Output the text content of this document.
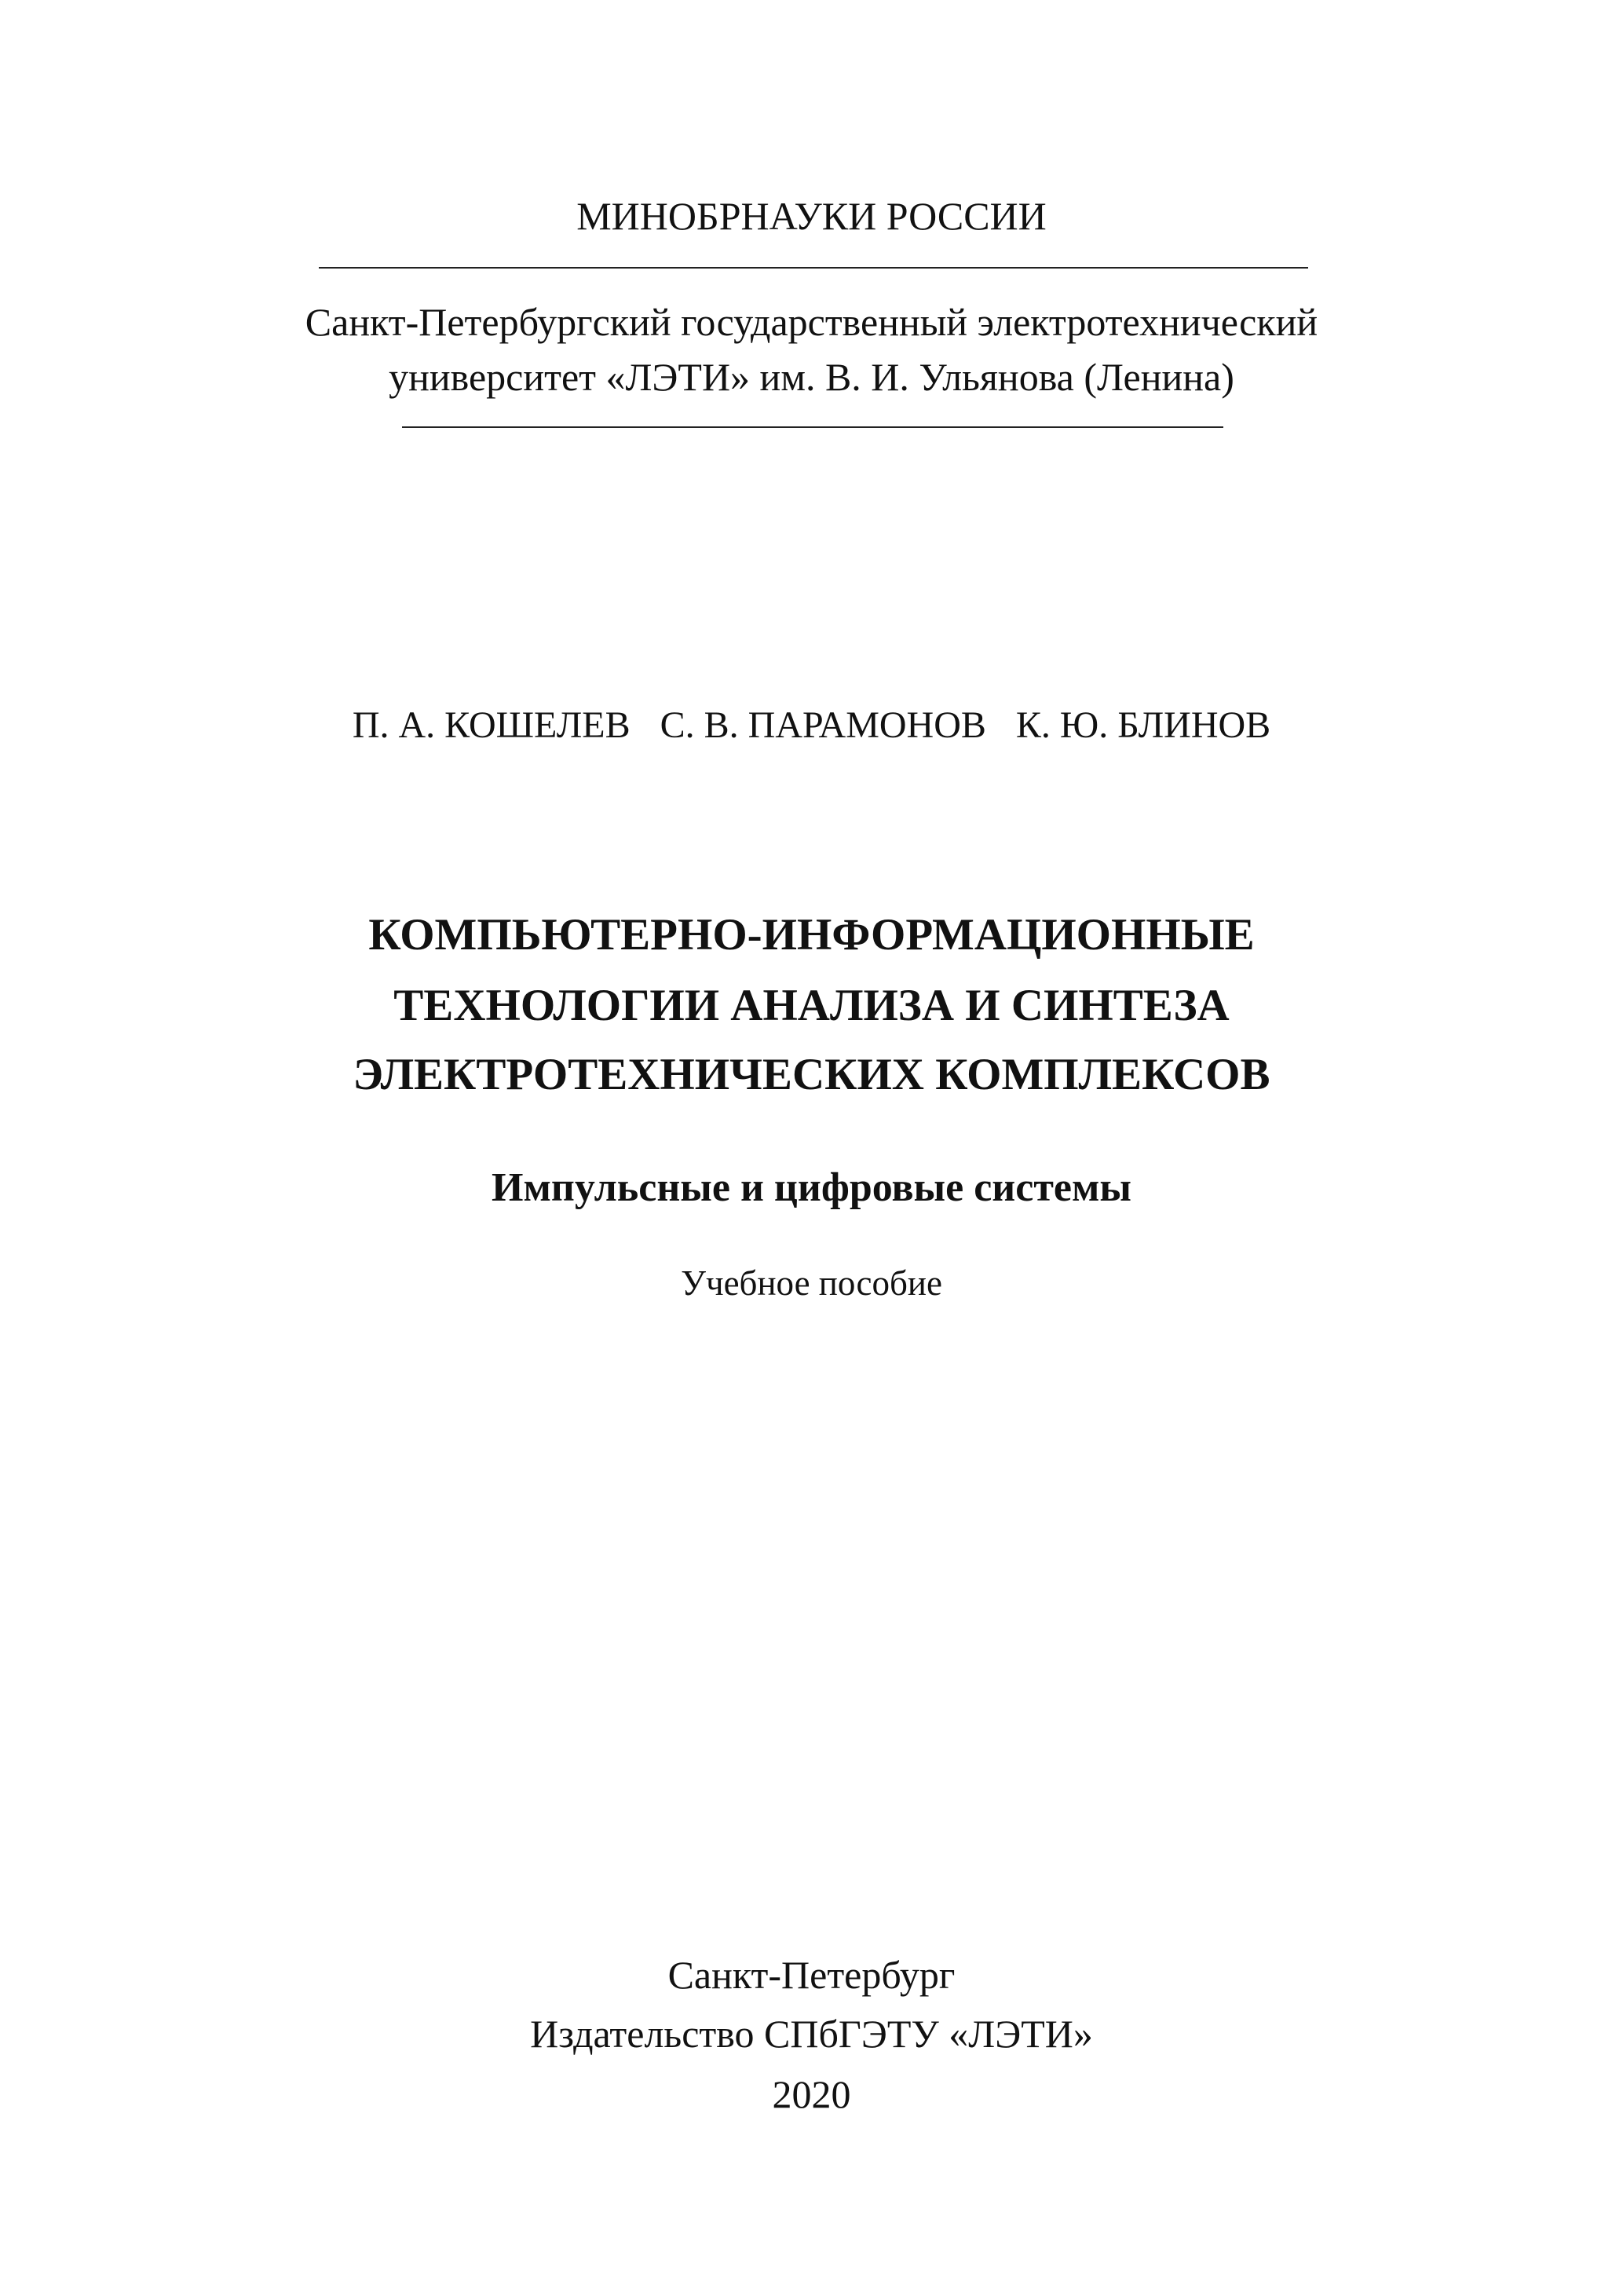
МИНОБРНАУКИ РОССИИ
Санкт-Петербургский государственный электротехнический
университет «ЛЭТИ» им. В. И. Ульянова (Ленина)
П. А. КОШЕЛЕВ С. В. ПАРАМОНОВ К. Ю. БЛИНОВ
КОМПЬЮТЕРНО-ИНФОРМАЦИОННЫЕ
ТЕХНОЛОГИИ АНАЛИЗА И СИНТЕЗА
ЭЛЕКТРОТЕХНИЧЕСКИХ КОМПЛЕКСОВ
Импульсные и цифровые системы
Учебное пособие
Санкт-Петербург
Издательство СПбГЭТУ «ЛЭТИ»
2020
